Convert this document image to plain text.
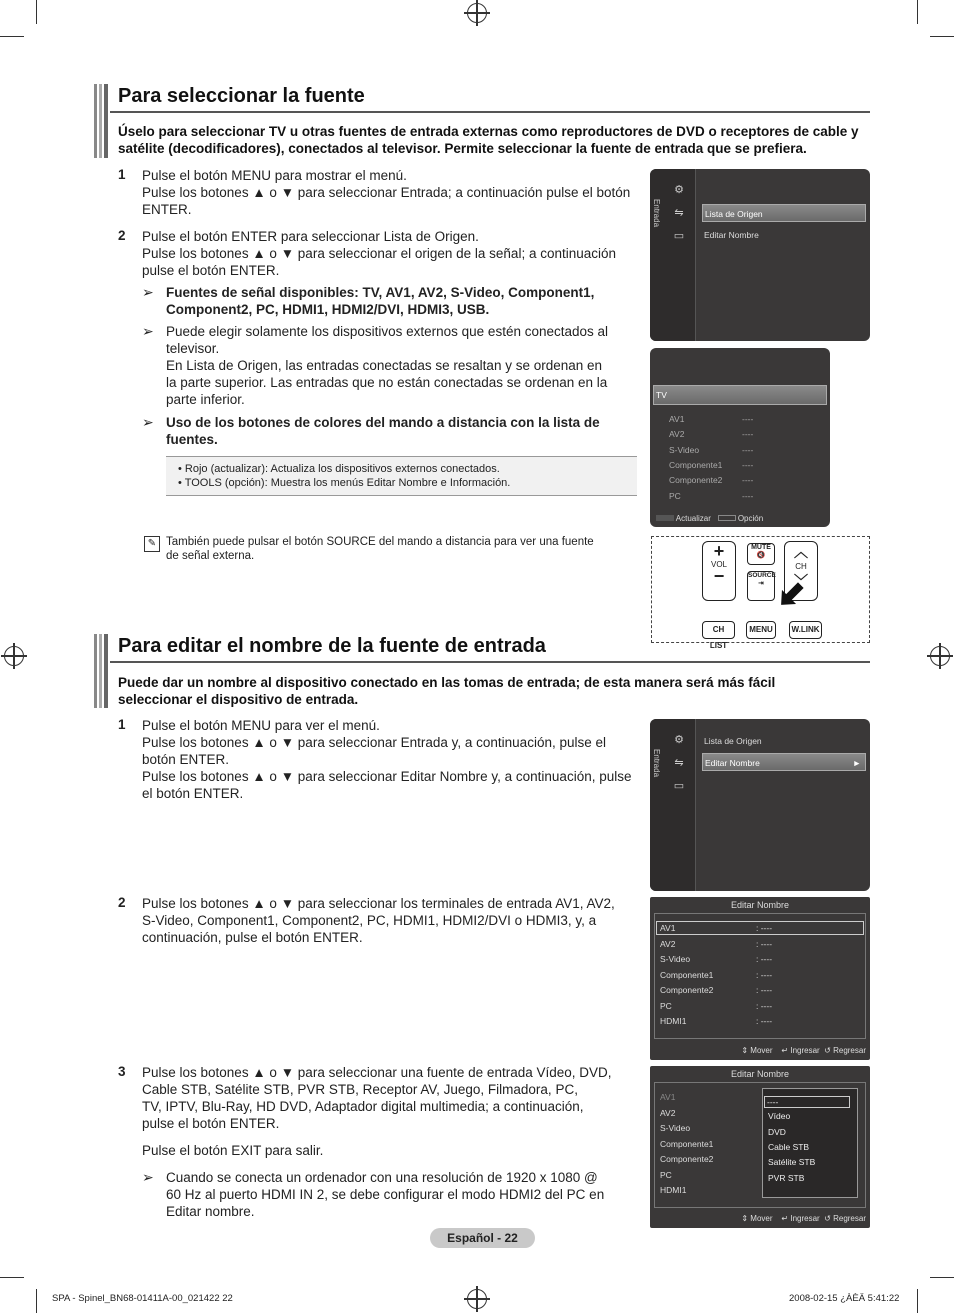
Para seleccionar la fuente
Úselo para seleccionar TV u otras fuentes de entrada externas como reproductores de DVD o receptores de cable y satélite (decodificadores), conectados al televisor. Permite seleccionar la fuente de entrada que se prefiera.
1 Pulse el botón MENU para mostrar el menú.
Pulse los botones ▲ o ▼ para seleccionar Entrada; a continuación pulse el botón
ENTER.
2 Pulse el botón ENTER para seleccionar Lista de Origen.
Pulse los botones ▲ o ▼ para seleccionar el origen de la señal; a continuación
pulse el botón ENTER.
➢ Fuentes de señal disponibles: TV, AV1, AV2, S-Video, Component1,
Component2, PC, HDMI1, HDMI2/DVI, HDMI3, USB.
➢ Puede elegir solamente los dispositivos externos que estén conectados al
televisor.
En Lista de Origen, las entradas conectadas se resaltan y se ordenan en
la parte superior. Las entradas que no están conectadas se ordenan en la
parte inferior.
➢ Uso de los botones de colores del mando a distancia con la lista de
fuentes.
• Rojo (actualizar): Actualiza los dispositivos externos conectados.
• TOOLS (opción): Muestra los menús Editar Nombre e Información.
✎ También puede pulsar el botón SOURCE del mando a distancia para ver una fuente
de señal externa.
Entrada
⚙
⇋
▭
Lista de Origen
Editar Nombre
TV
AV1	----
AV2	----
S-Video	----
Componente1 ----
Componente2 ----
PC	----
Actualizar	Opción
+
VOL
−
MUTE
🔇
SOURCE
⇥
︿
CH
﹀
CH LIST
MENU	W.LINK
Para editar el nombre de la fuente de entrada
Puede dar un nombre al dispositivo conectado en las tomas de entrada; de esta manera será más fácil seleccionar el dispositivo de entrada.
1 Pulse el botón MENU para ver el menú.
Pulse los botones ▲ o ▼ para seleccionar Entrada y, a continuación, pulse el
botón ENTER.
Pulse los botones ▲ o ▼ para seleccionar Editar Nombre y, a continuación, pulse
el botón ENTER.
2 Pulse los botones ▲ o ▼ para seleccionar los terminales de entrada AV1, AV2,
S-Video, Component1, Component2, PC, HDMI1, HDMI2/DVI o HDMI3, y, a
continuación, pulse el botón ENTER.
3 Pulse los botones ▲ o ▼ para seleccionar una fuente de entrada Vídeo, DVD,
Cable STB, Satélite STB, PVR STB, Receptor AV, Juego, Filmadora, PC,
TV, IPTV, Blu-Ray, HD DVD, Adaptador digital multimedia; a continuación,
pulse el botón ENTER.
Pulse el botón EXIT para salir.
➢ Cuando se conecta un ordenador con una resolución de 1920 x 1080 @
60 Hz al puerto HDMI IN 2, se debe configurar el modo HDMI2 del PC en
Editar nombre.
Entrada
⚙
⇋
▭
Lista de Origen
Editar Nombre	►
Editar Nombre
AV1	: ----
AV2	: ----
S-Video	: ----
Componente1	: ----
Componente2	: ----
PC	: ----
HDMI1	: ----
⇕ Mover    ↵ Ingresar  ↺ Regresar
Editar Nombre
AV1
AV2
S-Video
Componente1
Componente2
PC
HDMI1
----
Vídeo
DVD
Cable STB
Satélite STB
PVR STB
⇕ Mover    ↵ Ingresar  ↺ Regresar
Español - 22
SPA - Spinel_BN68-01411A-00_021422 22	2008-02-15 ¿ÀÈÄ 5:41:22
